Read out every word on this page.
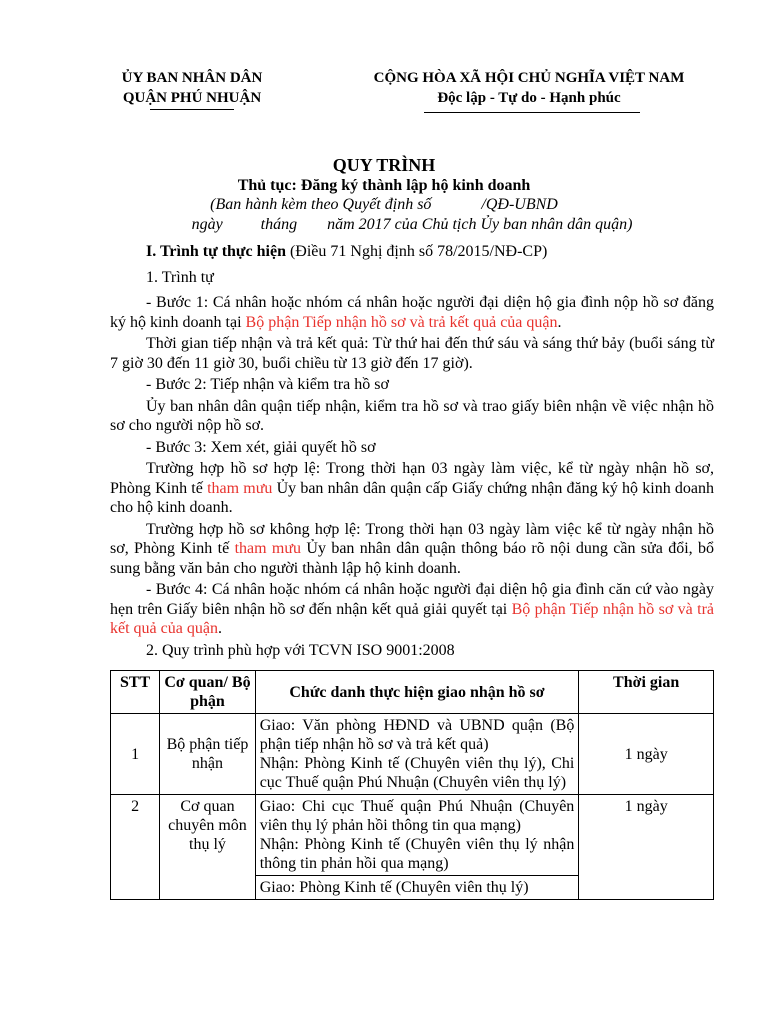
ỦY BAN NHÂN DÂN
QUẬN PHÚ NHUẬN
CỘNG HÒA XÃ HỘI CHỦ NGHĨA VIỆT NAM
Độc lập - Tự do - Hạnh phúc
QUY TRÌNH
Thủ tục: Đăng ký thành lập hộ kinh doanh
(Ban hành kèm theo Quyết định số	/QĐ-UBND
ngày tháng năm 2017 của Chủ tịch Ủy ban nhân dân quận)

I. Trình tự thực hiện (Điều 71 Nghị định số 78/2015/NĐ-CP)

1. Trình tự

- Bước 1: Cá nhân hoặc nhóm cá nhân hoặc người đại diện hộ gia đình nộp hồ sơ đăng ký hộ kinh doanh tại Bộ phận Tiếp nhận hồ sơ và trả kết quả của quận.

Thời gian tiếp nhận và trả kết quả: Từ thứ hai đến thứ sáu và sáng thứ bảy (buổi sáng từ 7 giờ 30 đến 11 giờ 30, buổi chiều từ 13 giờ đến 17 giờ).

- Bước 2: Tiếp nhận và kiểm tra hồ sơ

Ủy ban nhân dân quận tiếp nhận, kiểm tra hồ sơ và trao giấy biên nhận về việc nhận hồ sơ cho người nộp hồ sơ.

- Bước 3: Xem xét, giải quyết hồ sơ

Trường hợp hồ sơ hợp lệ: Trong thời hạn 03 ngày làm việc, kể từ ngày nhận hồ sơ, Phòng Kinh tế tham mưu Ủy ban nhân dân quận cấp Giấy chứng nhận đăng ký hộ kinh doanh cho hộ kinh doanh.

Trường hợp hồ sơ không hợp lệ: Trong thời hạn 03 ngày làm việc kể từ ngày nhận hồ sơ, Phòng Kinh tế tham mưu Ủy ban nhân dân quận thông báo rõ nội dung cần sửa đổi, bổ sung bằng văn bản cho người thành lập hộ kinh doanh.

- Bước 4: Cá nhân hoặc nhóm cá nhân hoặc người đại diện hộ gia đình căn cứ vào ngày hẹn trên Giấy biên nhận hồ sơ đến nhận kết quả giải quyết tại Bộ phận Tiếp nhận hồ sơ và trả kết quả của quận.

2. Quy trình phù hợp với TCVN ISO 9001:2008

STT	Cơ quan/ Bộ phận	Chức danh thực hiện giao nhận hồ sơ	Thời gian
1	Bộ phận tiếp nhận	Giao: Văn phòng HĐND và UBND quận (Bộ phận tiếp nhận hồ sơ và trả kết quả)

Nhận: Phòng Kinh tế (Chuyên viên thụ lý), Chi cục Thuế quận Phú Nhuận (Chuyên viên thụ lý)	1 ngày
2	Cơ quan chuyên môn thụ lý	Giao: Chi cục Thuế quận Phú Nhuận (Chuyên viên thụ lý phản hồi thông tin qua mạng)

Nhận: Phòng Kinh tế (Chuyên viên thụ lý nhận thông tin phản hồi qua mạng)

Giao: Phòng Kinh tế (Chuyên viên thụ lý)	1 ngày
